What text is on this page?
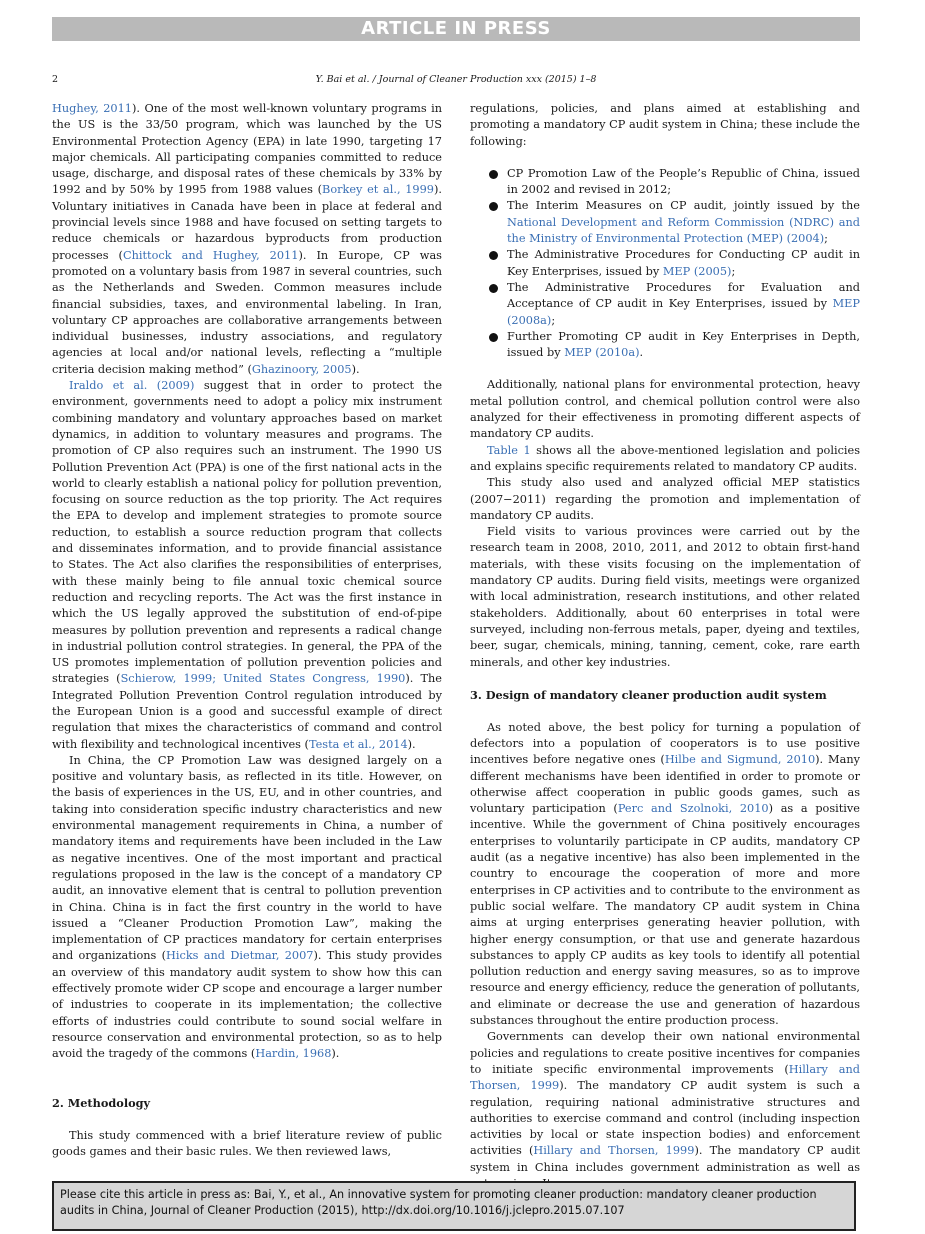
ARTICLE IN PRESS
2	Y. Bai et al. / Journal of Cleaner Production xxx (2015) 1–8

Hughey, 2011). One of the most well-known voluntary programs in the US is the 33/50 program, which was launched by the US Environmental Protection Agency (EPA) in late 1990, targeting 17 major chemicals. All participating companies committed to reduce usage, discharge, and disposal rates of these chemicals by 33% by 1992 and by 50% by 1995 from 1988 values (Borkey et al., 1999). Voluntary initiatives in Canada have been in place at federal and provincial levels since 1988 and have focused on setting targets to reduce chemicals or hazardous byproducts from production processes (Chittock and Hughey, 2011). In Europe, CP was promoted on a voluntary basis from 1987 in several countries, such as the Netherlands and Sweden. Common measures include financial subsidies, taxes, and environmental labeling. In Iran, voluntary CP approaches are collaborative arrangements between individual businesses, industry associations, and regulatory agencies at local and/or national levels, reflecting a “multiple criteria decision making method” (Ghazinoory, 2005).

Iraldo et al. (2009) suggest that in order to protect the environment, governments need to adopt a policy mix instrument combining mandatory and voluntary approaches based on market dynamics, in addition to voluntary measures and programs. The promotion of CP also requires such an instrument. The 1990 US Pollution Prevention Act (PPA) is one of the first national acts in the world to clearly establish a national policy for pollution prevention, focusing on source reduction as the top priority. The Act requires the EPA to develop and implement strategies to promote source reduction, to establish a source reduction program that collects and disseminates information, and to provide financial assistance to States. The Act also clarifies the responsibilities of enterprises, with these mainly being to file annual toxic chemical source reduction and recycling reports. The Act was the first instance in which the US legally approved the substitution of end-of-pipe measures by pollution prevention and represents a radical change in industrial pollution control strategies. In general, the PPA of the US promotes implementation of pollution prevention policies and strategies (Schierow, 1999; United States Congress, 1990). The Integrated Pollution Prevention Control regulation introduced by the European Union is a good and successful example of direct regulation that mixes the characteristics of command and control with flexibility and technological incentives (Testa et al., 2014).

In China, the CP Promotion Law was designed largely on a positive and voluntary basis, as reflected in its title. However, on the basis of experiences in the US, EU, and in other countries, and taking into consideration specific industry characteristics and new environmental management requirements in China, a number of mandatory items and requirements have been included in the Law as negative incentives. One of the most important and practical regulations proposed in the law is the concept of a mandatory CP audit, an innovative element that is central to pollution prevention in China. China is in fact the first country in the world to have issued a “Cleaner Production Promotion Law”, making the implementation of CP practices mandatory for certain enterprises and organizations (Hicks and Dietmar, 2007). This study provides an overview of this mandatory audit system to show how this can effectively promote wider CP scope and encourage a larger number of industries to cooperate in its implementation; the collective efforts of industries could contribute to sound social welfare in resource conservation and environmental protection, so as to help avoid the tragedy of the commons (Hardin, 1968).

2. Methodology

This study commenced with a brief literature review of public goods games and their basic rules. We then reviewed laws,

regulations, policies, and plans aimed at establishing and promoting a mandatory CP audit system in China; these include the following:

CP Promotion Law of the People’s Republic of China, issued in 2002 and revised in 2012;
The Interim Measures on CP audit, jointly issued by the National Development and Reform Commission (NDRC) and the Ministry of Environmental Protection (MEP) (2004);
The Administrative Procedures for Conducting CP audit in Key Enterprises, issued by MEP (2005);
The Administrative Procedures for Evaluation and Acceptance of CP audit in Key Enterprises, issued by MEP (2008a);
Further Promoting CP audit in Key Enterprises in Depth, issued by MEP (2010a).

Additionally, national plans for environmental protection, heavy metal pollution control, and chemical pollution control were also analyzed for their effectiveness in promoting different aspects of mandatory CP audits.

Table 1 shows all the above-mentioned legislation and policies and explains specific requirements related to mandatory CP audits.

This study also used and analyzed official MEP statistics (2007−2011) regarding the promotion and implementation of mandatory CP audits.

Field visits to various provinces were carried out by the research team in 2008, 2010, 2011, and 2012 to obtain first-hand materials, with these visits focusing on the implementation of mandatory CP audits. During field visits, meetings were organized with local administration, research institutions, and other related stakeholders. Additionally, about 60 enterprises in total were surveyed, including non-ferrous metals, paper, dyeing and textiles, beer, sugar, chemicals, mining, tanning, cement, coke, rare earth minerals, and other key industries.

3. Design of mandatory cleaner production audit system

As noted above, the best policy for turning a population of defectors into a population of cooperators is to use positive incentives before negative ones (Hilbe and Sigmund, 2010). Many different mechanisms have been identified in order to promote or otherwise affect cooperation in public goods games, such as voluntary participation (Perc and Szolnoki, 2010) as a positive incentive. While the government of China positively encourages enterprises to voluntarily participate in CP audits, mandatory CP audit (as a negative incentive) has also been implemented in the country to encourage the cooperation of more and more enterprises in CP activities and to contribute to the environment as public social welfare. The mandatory CP audit system in China aims at urging enterprises generating heavier pollution, with higher energy consumption, or that use and generate hazardous substances to apply CP audits as key tools to identify all potential pollution reduction and energy saving measures, so as to improve resource and energy efficiency, reduce the generation of pollutants, and eliminate or decrease the use and generation of hazardous substances throughout the entire production process.

Governments can develop their own national environmental policies and regulations to create positive incentives for companies to initiate specific environmental improvements (Hillary and Thorsen, 1999). The mandatory CP audit system is such a regulation, requiring national administrative structures and authorities to exercise command and control (including inspection activities by local or state inspection bodies) and enforcement activities (Hillary and Thorsen, 1999). The mandatory CP audit system in China includes government administration as well as

Please cite this article in press as: Bai, Y., et al., An innovative system for promoting cleaner production: mandatory cleaner production audits in China, Journal of Cleaner Production (2015), http://dx.doi.org/10.1016/j.jclepro.2015.07.107
